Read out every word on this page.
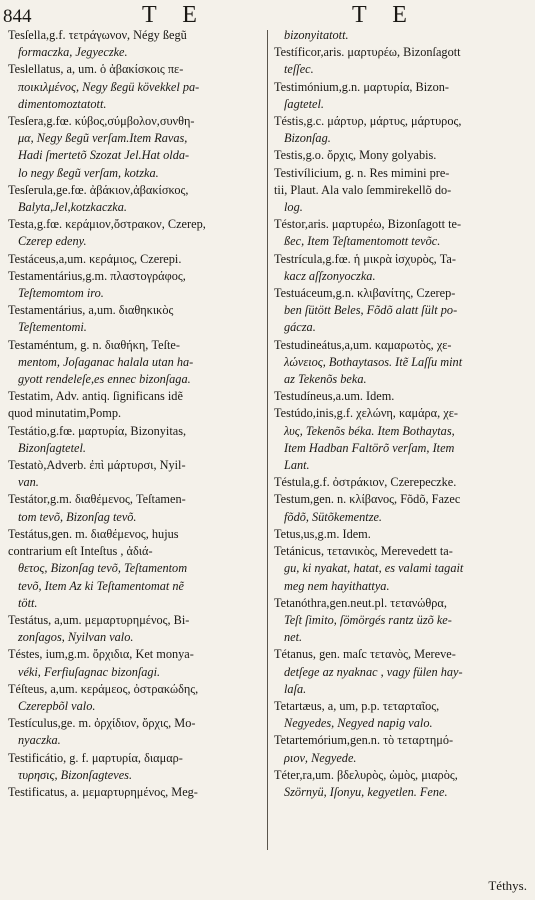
844	T E	T E
Tesſella,g.f. τετράγωνον, Négy ßegũ
formaczka, Jegyeczke.
Teslellatus, a, um. ὁ ἀβακίσκοις πε-
ποικιλμένος, Negy ßegü kövekkel pa-
dimentomoztatott.
Tesſera,g.fœ. κύβος,σύμβολον,συνθη-
μα, Negy ßegũ verſam.Item Ravas,
Hadi ſmertetõ Szozat Jel.Hat olda-
lo negy ßegũ verſam, kotzka.
Tesſerula,ge.fœ. ἀβάκιον,ἀβακίσκος,
Balyta,Jel,kotzkaczka.
Testa,g.fœ. κεράμιον,ὄστρακον, Czerep,
Czerep edeny.
Testáceus,a,um. κεράμιος, Czerepi.
Testamentárius,g.m. πλαστογράφος,
Teſtemomtom iro.
Testamentárius, a,um. διαθηκικὸς
Teſtementomi.
Testaméntum, g. n. διαθήκη, Teſte-
mentom, Joſaganac halala utan ha-
gyott rendeleſe,es ennec bizonſaga.
Testatim, Adv. antiq. ſignificans idẽ
quod minutatim,Pomp.
Testátio,g.fœ. μαρτυρία, Bizonyitas,
Bizonſagtetel.
Testatò,Adverb. ἐπὶ μάρτυρσι, Nyil-
van.
Testátor,g.m. διαθέμενος, Teſtamen-
tom tevõ, Bizonſag tevõ.
Testátus,gen. m. διαθέμενος, hujus
contrarium eſt Inteſtus , ἀδιά-
θετος, Bizonſag tevõ, Teſtamentom
tevõ, Item Az ki Teſtamentomat nẽ
tött.
Testátus, a,um. μεμαρτυρημένος, Bi-
zonſagos, Nyilvan valo.
Téstes, ium,g.m. ὄρχιδια, Ket monya-
véki, Ferfiuſagnac bizonſagi.
Téſteus, a,um. κεράμεος, ὀστρακώδης,
Czerepbõl valo.
Testículus,ge. m. ὀρχίδιον, ὄρχις, Mo-
nyaczka.
Testificátio, g. f. μαρτυρία, διαμαρ-
τυρησις, Bizonſagteves.
Testificatus, a. μεμαρτυρημένος, Meg-
bizonyitatott.
Testíficor,aris. μαρτυρέω, Bizonſagott
teſſec.
Testimónium,g.n. μαρτυρία, Bizon-
ſagtetel.
Téstis,g.c. μάρτυρ, μάρτυς, μάρτυρος,
Bizonſag.
Testis,g.o. ὄρχις, Mony golyabis.
Testivílicium, g. n. Res mimini pre-
tii, Plaut. Ala valo ſemmirekellõ do-
log.
Téstor,aris. μαρτυρέω, Bizonſagott te-
ßec, Item Teſtamentomott tevõc.
Testrícula,g.fœ. ἡ μικρὰ ἰσχυρὸς, Ta-
kacz aſſzonyoczka.
Testuáceum,g.n. κλιβανίτης, Czerep-
ben ſütött Beles, Fõdõ alatt ſült po-
gácza.
Testudineátus,a,um. καμαρωτὸς, χε-
λώνειος, Bothaytasos. Itẽ Laſſu mint
az Tekenõs beka.
Testudíneus,a.um. Idem.
Testúdo,inis,g.f. χελώνη, καμάρα, χε-
λυς, Tekenõs béka. Item Bothaytas,
Item Hadban Faltörõ verſam, Item
Lant.
Téstula,g.f. ὀστράκιον, Czerepeczke.
Testum,gen. n. κλίβανος, Fõdõ, Fazec
fõdõ, Sütõkementze.
Tetus,us,g.m. Idem.
Tetánicus, τετανικὸς, Merevedett ta-
gu, ki nyakat, hatat, es valami tagait
meg nem hayithattya.
Tetanóthra,gen.neut.pl. τετανώθρα,
Teſt ſimito, ſömörgés rantz üzõ ke-
net.
Tétanus, gen. maſc τετανὸς, Mereve-
detſege az nyaknac , vagy fülen hay-
laſa.
Tetartæus, a, um, p.p. τεταρταῖος,
Negyedes, Negyed napig valo.
Tetartemórium,gen.n. τὸ τεταρτημό-
ριον, Negyede.
Téter,ra,um. βδελυρὸς, ὠμὸς, μιαρὸς,
Szörnyü, Iſonyu, kegyetlen. Fene.
Téthys.
